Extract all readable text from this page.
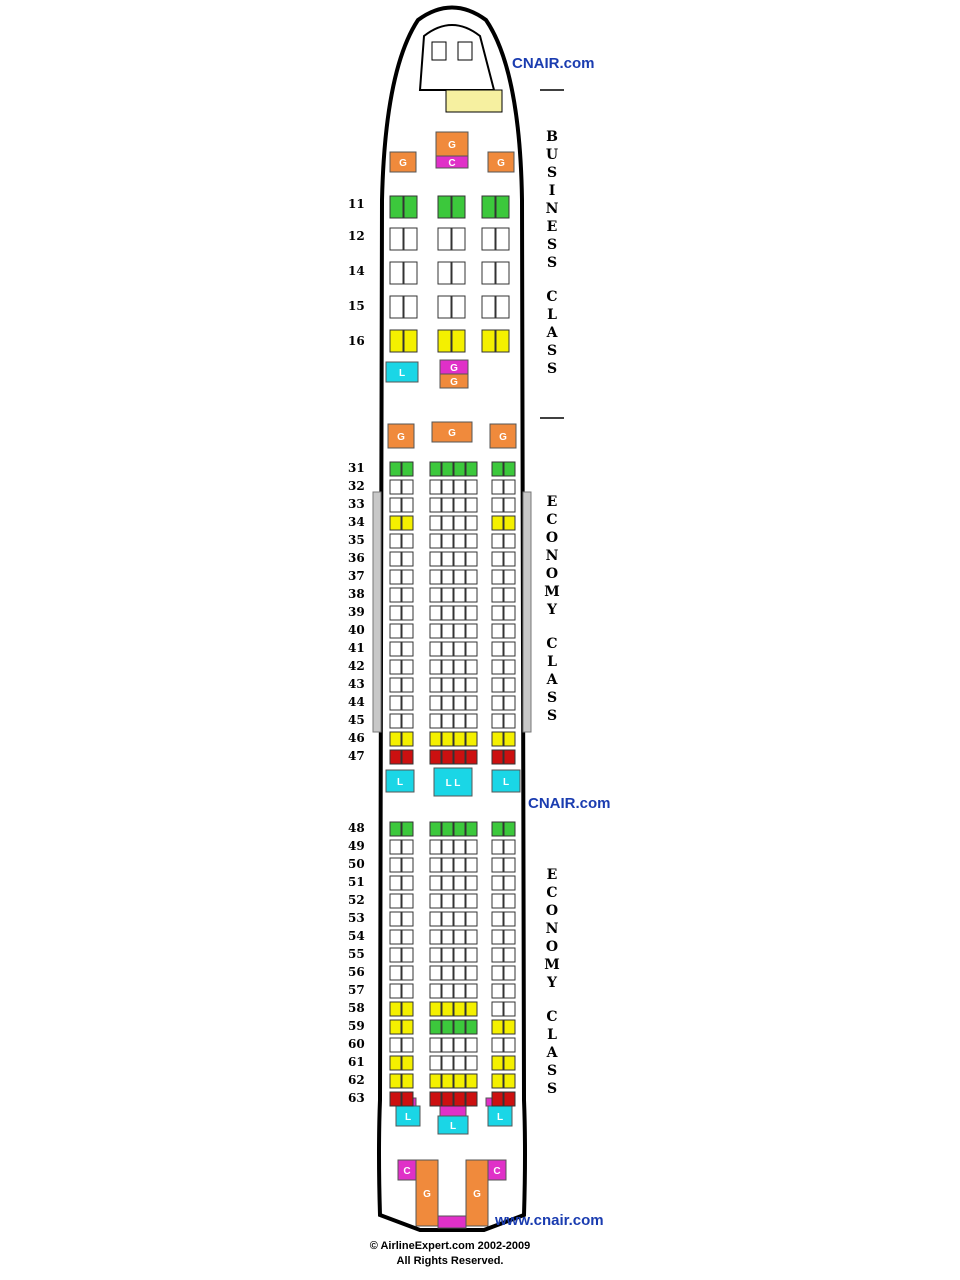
G
C
G	G
L	G
G
G	G	G
L	L L	L
L
L
L
C
G	G
C
11
12
14
15
16
31
32
33
34
35
36
37
38
39
40
41
42
43
44
45
46
47
48
49
50
51
52
53
54
55
56
57
58
59
60
61
62
63
CNAIR.com
CNAIR.com
www.cnair.com
B
U
S
I
N
E
S
S

C
L
A
S
S
E
C
O
N
O
M
Y

C
L
A
S
S
E
C
O
N
O
M
Y

C
L
A
S
S
© AirlineExpert.com 2002-2009
All Rights Reserved.
